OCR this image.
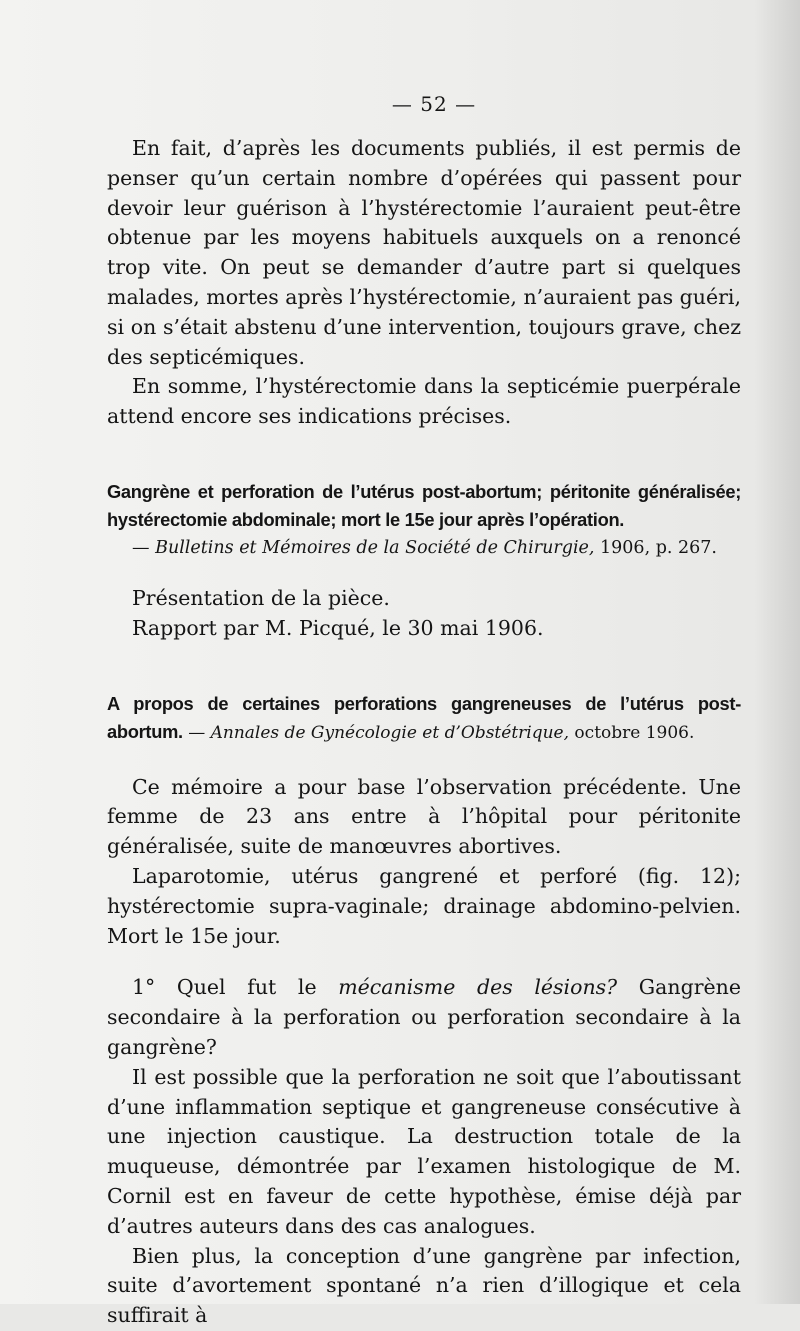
— 52 —

En fait, d’après les documents publiés, il est permis de penser qu’un certain nombre d’opérées qui passent pour devoir leur guérison à l’hystérectomie l’auraient peut-être obtenue par les moyens habituels auxquels on a renoncé trop vite. On peut se demander d’autre part si quelques malades, mortes après l’hystérectomie, n’auraient pas guéri, si on s’était abstenu d’une intervention, toujours grave, chez des septicémiques.

En somme, l’hystérectomie dans la septicémie puerpérale attend encore ses indications précises.

Gangrène et perforation de l’utérus post-abortum; péritonite généralisée; hystérectomie abdominale; mort le 15e jour après l’opération.

— Bulletins et Mémoires de la Société de Chirurgie, 1906, p. 267.

Présentation de la pièce.

Rapport par M. Picqué, le 30 mai 1906.

A propos de certaines perforations gangreneuses de l’utérus post-abortum. — Annales de Gynécologie et d’Obstétrique, octobre 1906.

Ce mémoire a pour base l’observation précédente. Une femme de 23 ans entre à l’hôpital pour péritonite généralisée, suite de manœuvres abortives.

Laparotomie, utérus gangrené et perforé (fig. 12); hystérectomie supra-vaginale; drainage abdomino-pelvien. Mort le 15e jour.

1° Quel fut le mécanisme des lésions? Gangrène secondaire à la perforation ou perforation secondaire à la gangrène?

Il est possible que la perforation ne soit que l’aboutissant d’une inflammation septique et gangreneuse consécutive à une injection caustique. La destruction totale de la muqueuse, démontrée par l’examen histologique de M. Cornil est en faveur de cette hypothèse, émise déjà par d’autres auteurs dans des cas analogues.

Bien plus, la conception d’une gangrène par infection, suite d’avortement spontané n’a rien d’illogique et cela suffirait à
